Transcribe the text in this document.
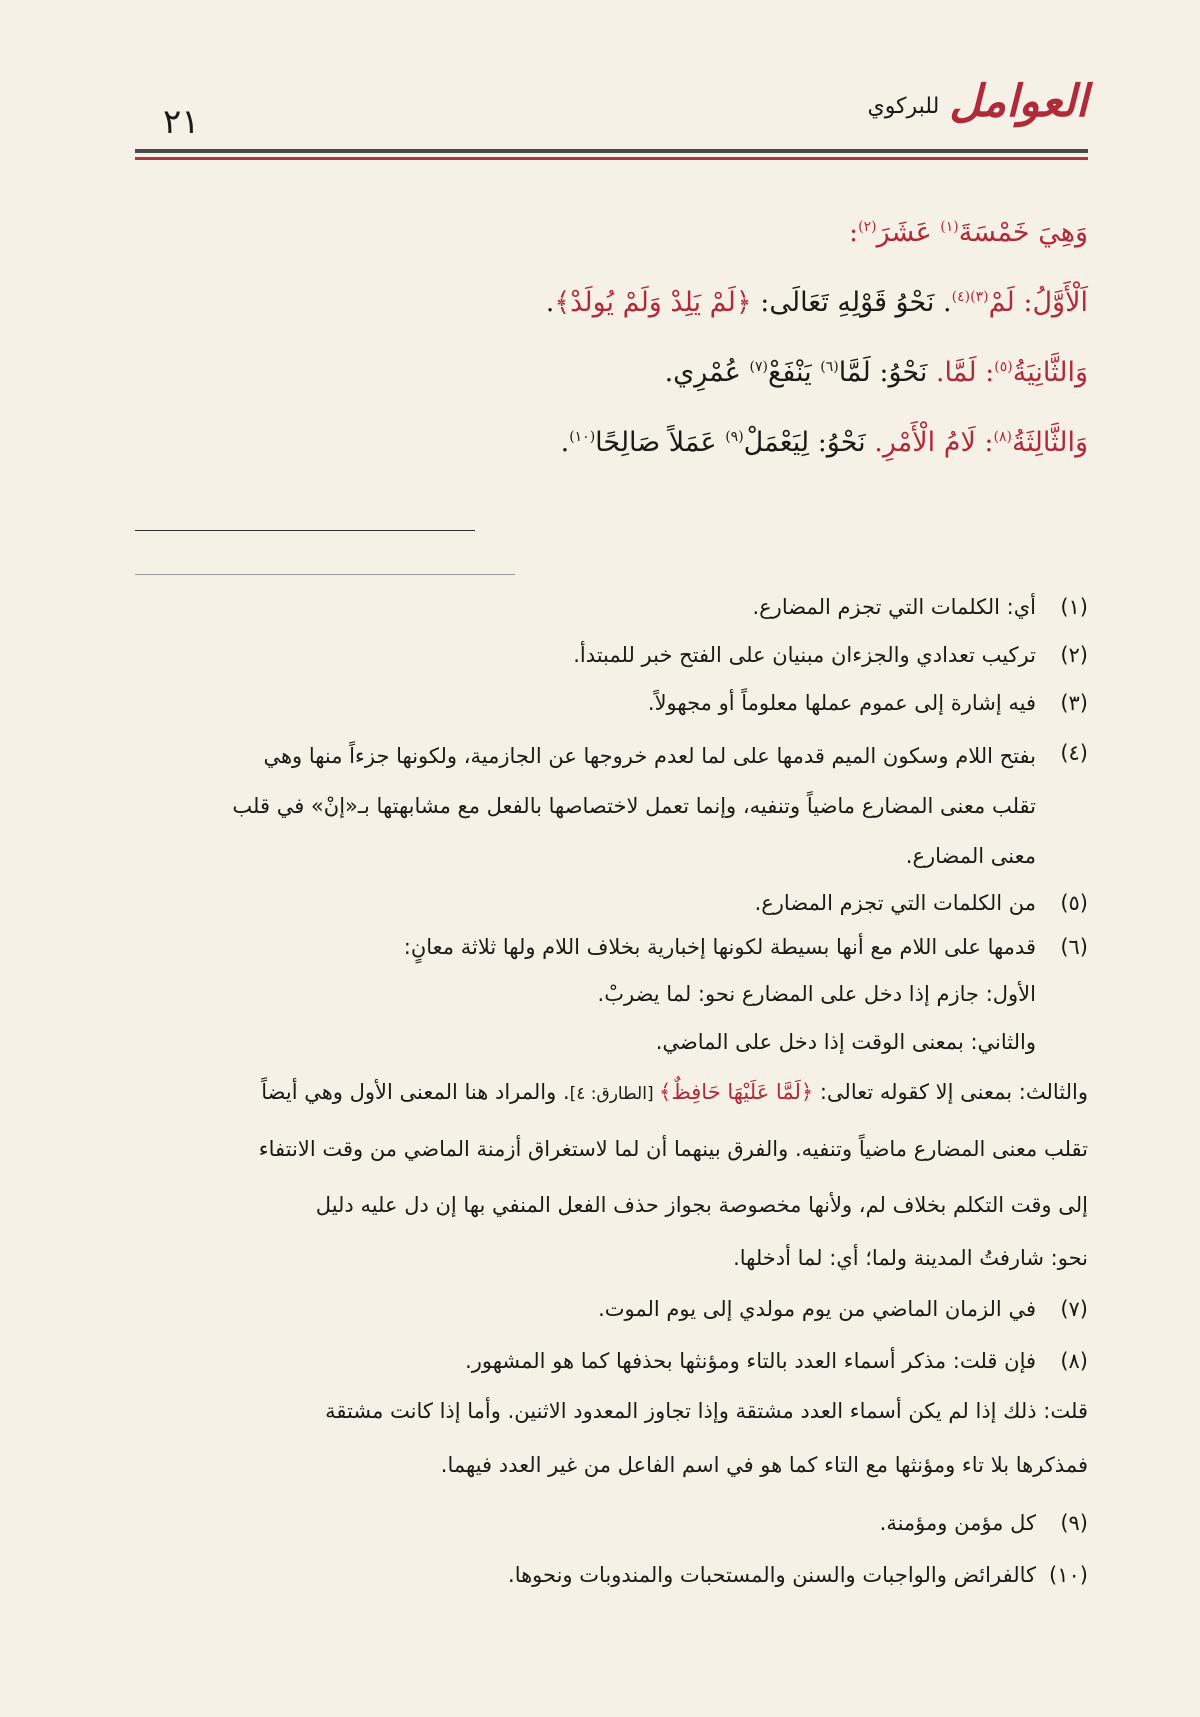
٢١	العوامل
للبركوي

وَهِيَ خَمْسَةَ$^{(١)}$ عَشَرَ$^{(٢)}$:

اَلْأَوَّلُ: لَمْ$^{(٣)(٤)}$. نَحْوُ قَوْلِهِ تَعَالَى: ﴿لَمْ يَلِدْ وَلَمْ يُولَدْ﴾.

وَالثَّانِيَةُ$^{(٥)}$: لَمَّا. نَحْوُ: لَمَّا$^{(٦)}$ يَنْفَعْ$^{(٧)}$ عُمْرِي.

وَالثَّالِثَةُ$^{(٨)}$: لَامُ الْأَمْرِ. نَحْوُ: لِيَعْمَلْ$^{(٩)}$ عَمَلاً صَالِحًا$^{(١٠)}$.

(١)
أي: الكلمات التي تجزم المضارع.
(٢)
تركيب تعدادي والجزءان مبنيان على الفتح خبر للمبتدأ.
(٣)
فيه إشارة إلى عموم عملها معلوماً أو مجهولاً.
(٤)
بفتح اللام وسكون الميم قدمها على لما لعدم خروجها عن الجازمية، ولكونها جزءاً منها وهي
تقلب معنى المضارع ماضياً وتنفيه، وإنما تعمل لاختصاصها بالفعل مع مشابهتها بـ«إنْ» في قلب
معنى المضارع.
(٥)
من الكلمات التي تجزم المضارع.
(٦)
قدمها على اللام مع أنها بسيطة لكونها إخبارية بخلاف اللام ولها ثلاثة معانٍ:
الأول: جازم إذا دخل على المضارع نحو: لما يضربْ.
والثاني: بمعنى الوقت إذا دخل على الماضي.
والثالث: بمعنى إلا كقوله تعالى: ﴿لَمَّا عَلَيْهَا حَافِظٌ﴾ [الطارق: ٤]. والمراد هنا المعنى الأول وهي أيضاً
تقلب معنى المضارع ماضياً وتنفيه. والفرق بينهما أن لما لاستغراق أزمنة الماضي من وقت الانتفاء
إلى وقت التكلم بخلاف لم، ولأنها مخصوصة بجواز حذف الفعل المنفي بها إن دل عليه دليل
نحو: شارفتُ المدينة ولما؛ أي: لما أدخلها.
(٧)
في الزمان الماضي من يوم مولدي إلى يوم الموت.
(٨)
فإن قلت: مذكر أسماء العدد بالتاء ومؤنثها بحذفها كما هو المشهور.
قلت: ذلك إذا لم يكن أسماء العدد مشتقة وإذا تجاوز المعدود الاثنين. وأما إذا كانت مشتقة
فمذكرها بلا تاء ومؤنثها مع التاء كما هو في اسم الفاعل من غير العدد فيهما.
(٩)
كل مؤمن ومؤمنة.
(١٠)
كالفرائض والواجبات والسنن والمستحبات والمندوبات ونحوها.
